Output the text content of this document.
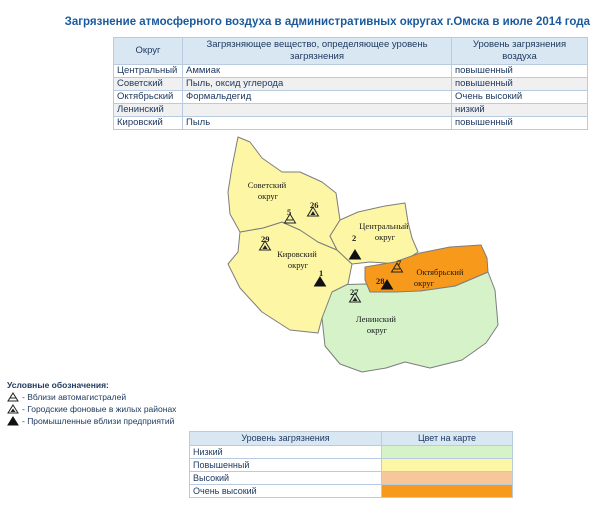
Загрязнение атмосферного воздуха в административных округах г.Омска в июле 2014 года
Округ	Загрязняющее вещество, определяющее уровень загрязнения	Уровень загрязнения воздуха
Центральный	Аммиак	повышенный
Советский	Пыль, оксид углерода	повышенный
Октябрьский	Формальдегид	Очень высокий
Ленинский		низкий
Кировский	Пыль	повышенный
Советский округ
Центральный округ
Кировский округ
Октябрьский округ
Ленинский округ
5
26
29	2
1
7
28
27
Условные обозначения:
- Вблизи автомагистралей
- Городские фоновые в жилых районах
- Промышленные вблизи предприятий
Уровень загрязнения	Цвет на карте
Низкий	
Повышенный	
Высокий	
Очень высокий	
